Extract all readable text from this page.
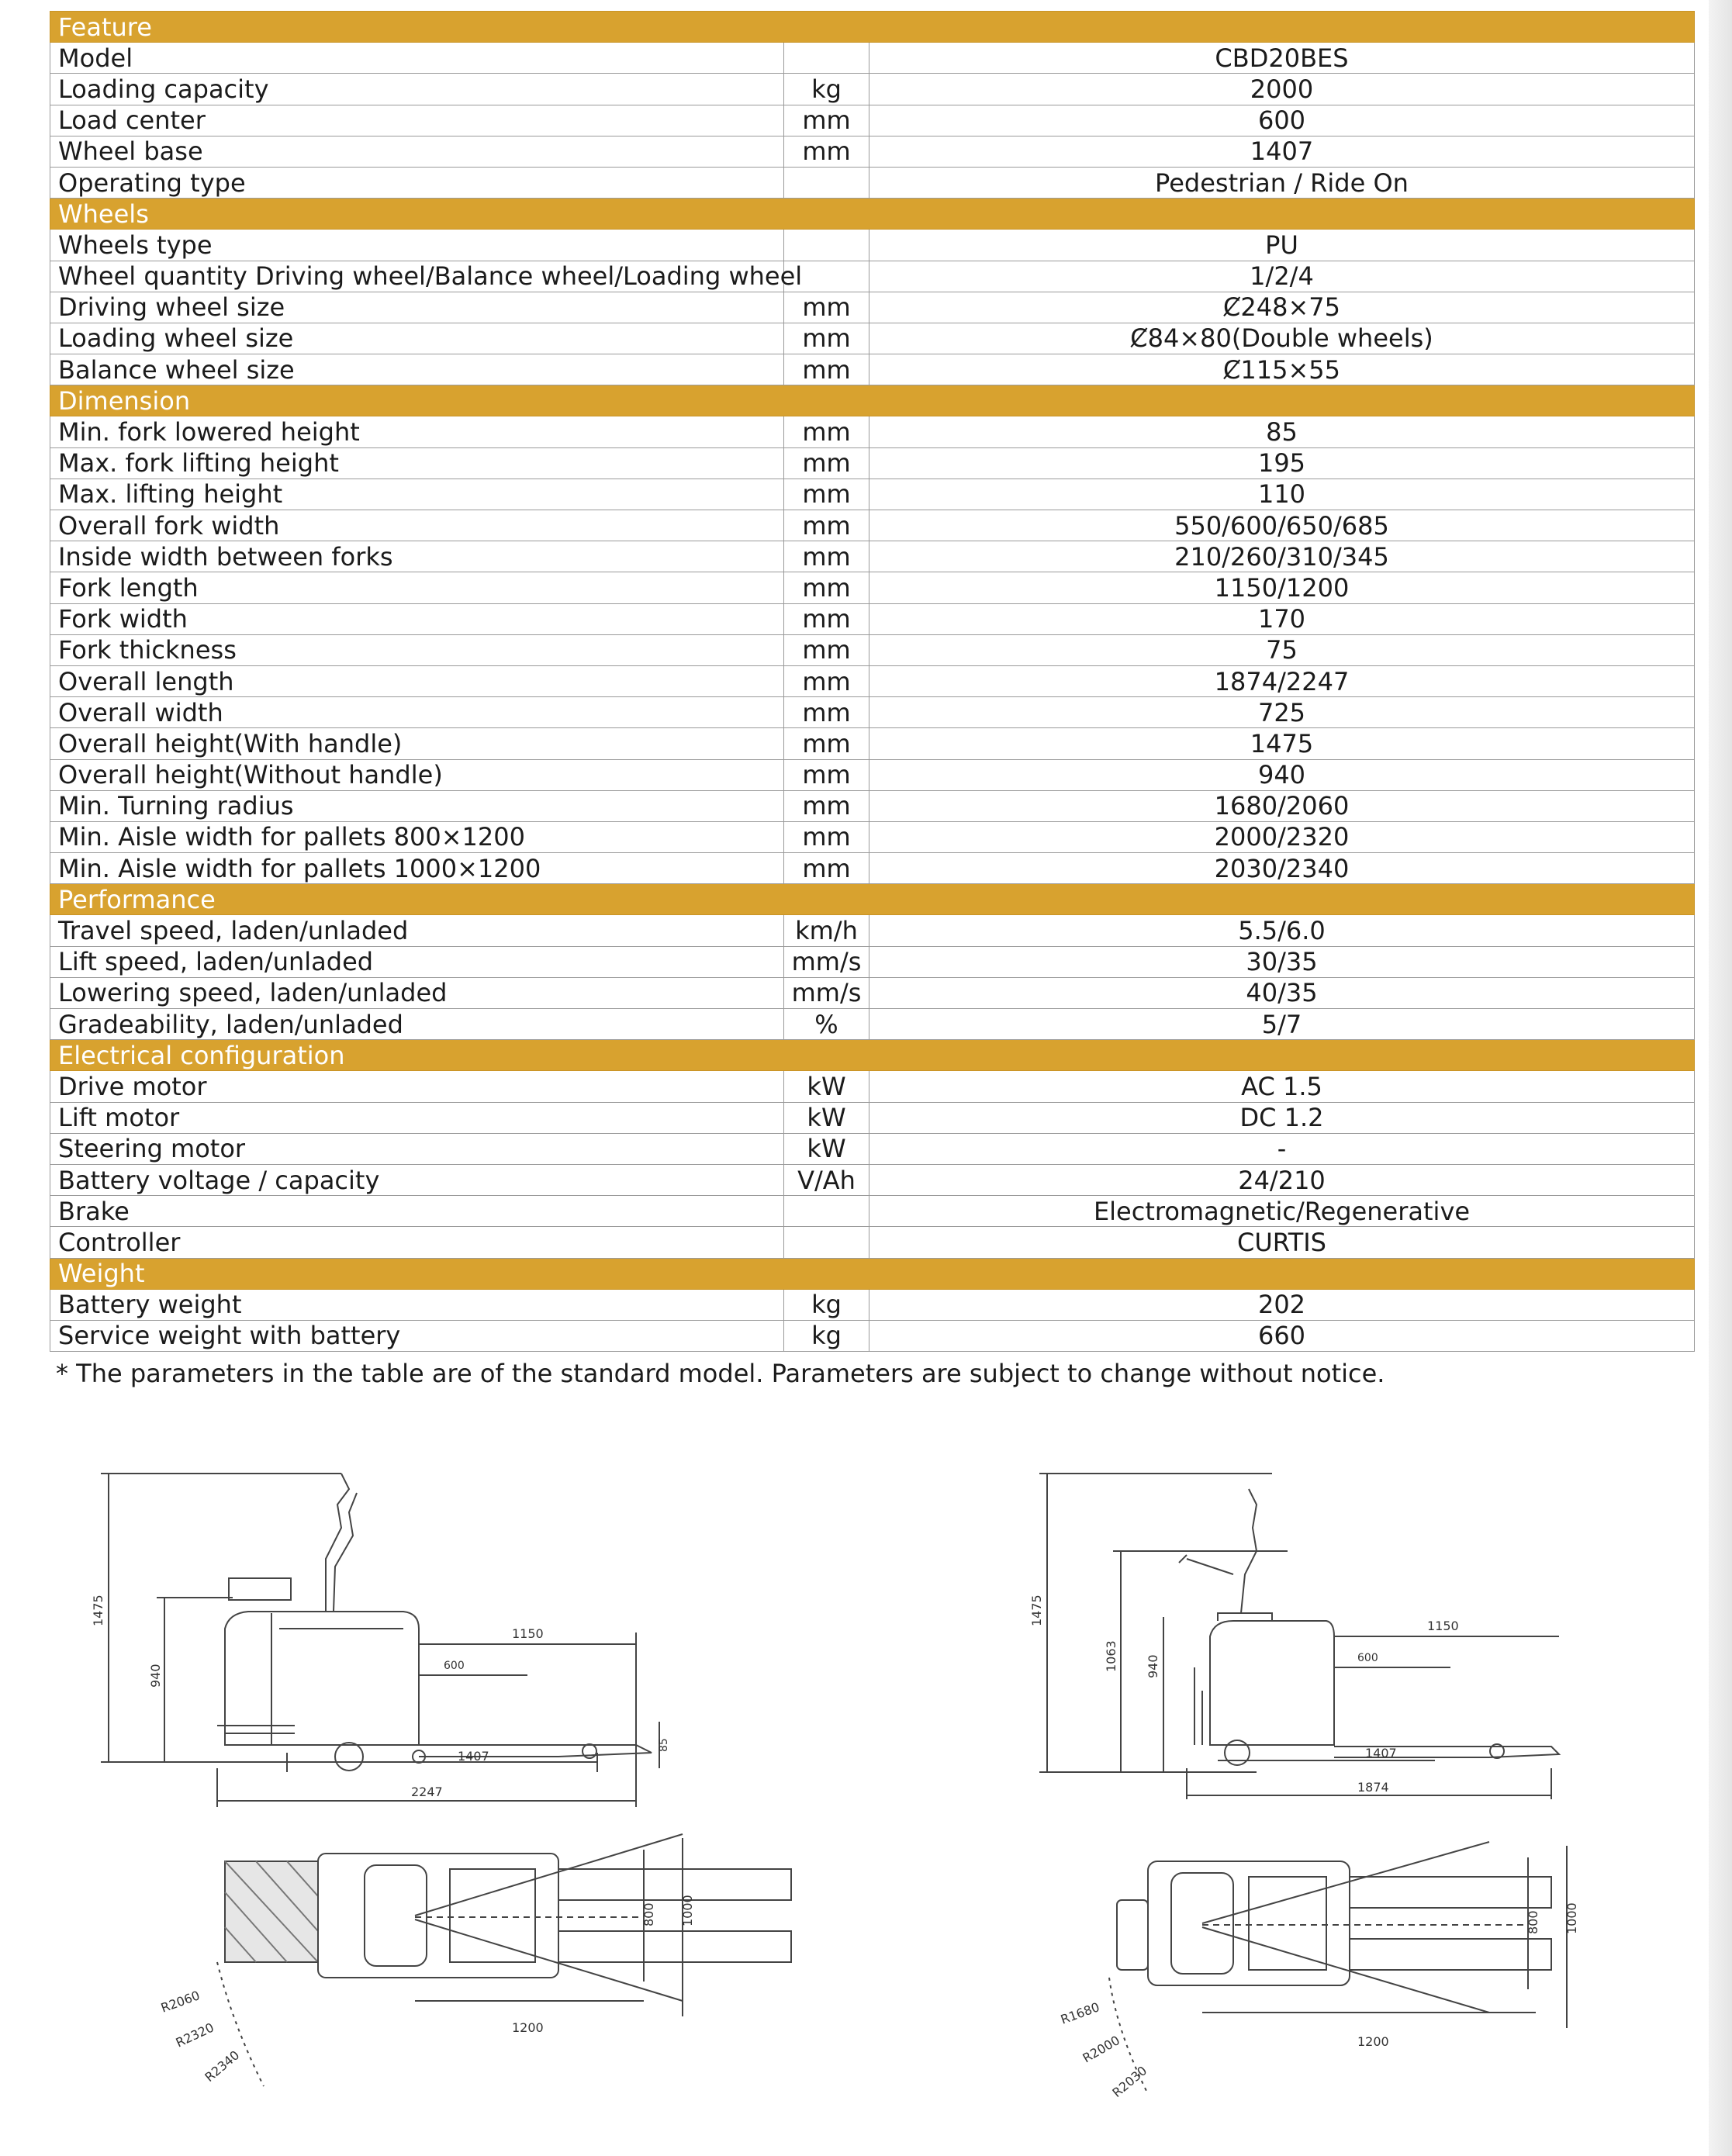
Feature		
Model		CBD20BES
Loading capacity	kg	2000
Load center	mm	600
Wheel base	mm	1407
Operating type		Pedestrian / Ride On
Wheels		
Wheels type		PU
Wheel quantity Driving wheel/Balance wheel/Loading wheel		1/2/4
Driving wheel size	mm	Ȼ248×75
Loading wheel size	mm	Ȼ84×80(Double wheels)
Balance wheel size	mm	Ȼ115×55
Dimension		
Min. fork lowered height	mm	85
Max. fork lifting height	mm	195
Max. lifting height	mm	110
Overall fork width	mm	550/600/650/685
Inside width between forks	mm	210/260/310/345
Fork length	mm	1150/1200
Fork width	mm	170
Fork thickness	mm	75
Overall length	mm	1874/2247
Overall width	mm	725
Overall height(With handle)	mm	1475
Overall height(Without handle)	mm	940
Min. Turning radius	mm	1680/2060
Min. Aisle width for pallets 800×1200	mm	2000/2320
Min. Aisle width for pallets 1000×1200	mm	2030/2340
Performance		
Travel speed, laden/unladed	km/h	5.5/6.0
Lift speed, laden/unladed	mm/s	30/35
Lowering speed, laden/unladed	mm/s	40/35
Gradeability, laden/unladed	%	5/7
Electrical configuration		
Drive motor	kW	AC 1.5
Lift motor	kW	DC 1.2
Steering motor	kW	-
Battery voltage / capacity	V/Ah	24/210
Brake		Electromagnetic/Regenerative
Controller		CURTIS
Weight		
Battery weight	kg	202
Service weight with battery	kg	660
* The parameters in the table are of the standard model. Parameters are subject to change without notice.
1475
940
1150
600
85
1407
2247
800 1000
1200
R2060
R2320
R2340
1475
1063 940
1150
600
1407
1874
800 1000
1200
R1680
R2000
R2030
